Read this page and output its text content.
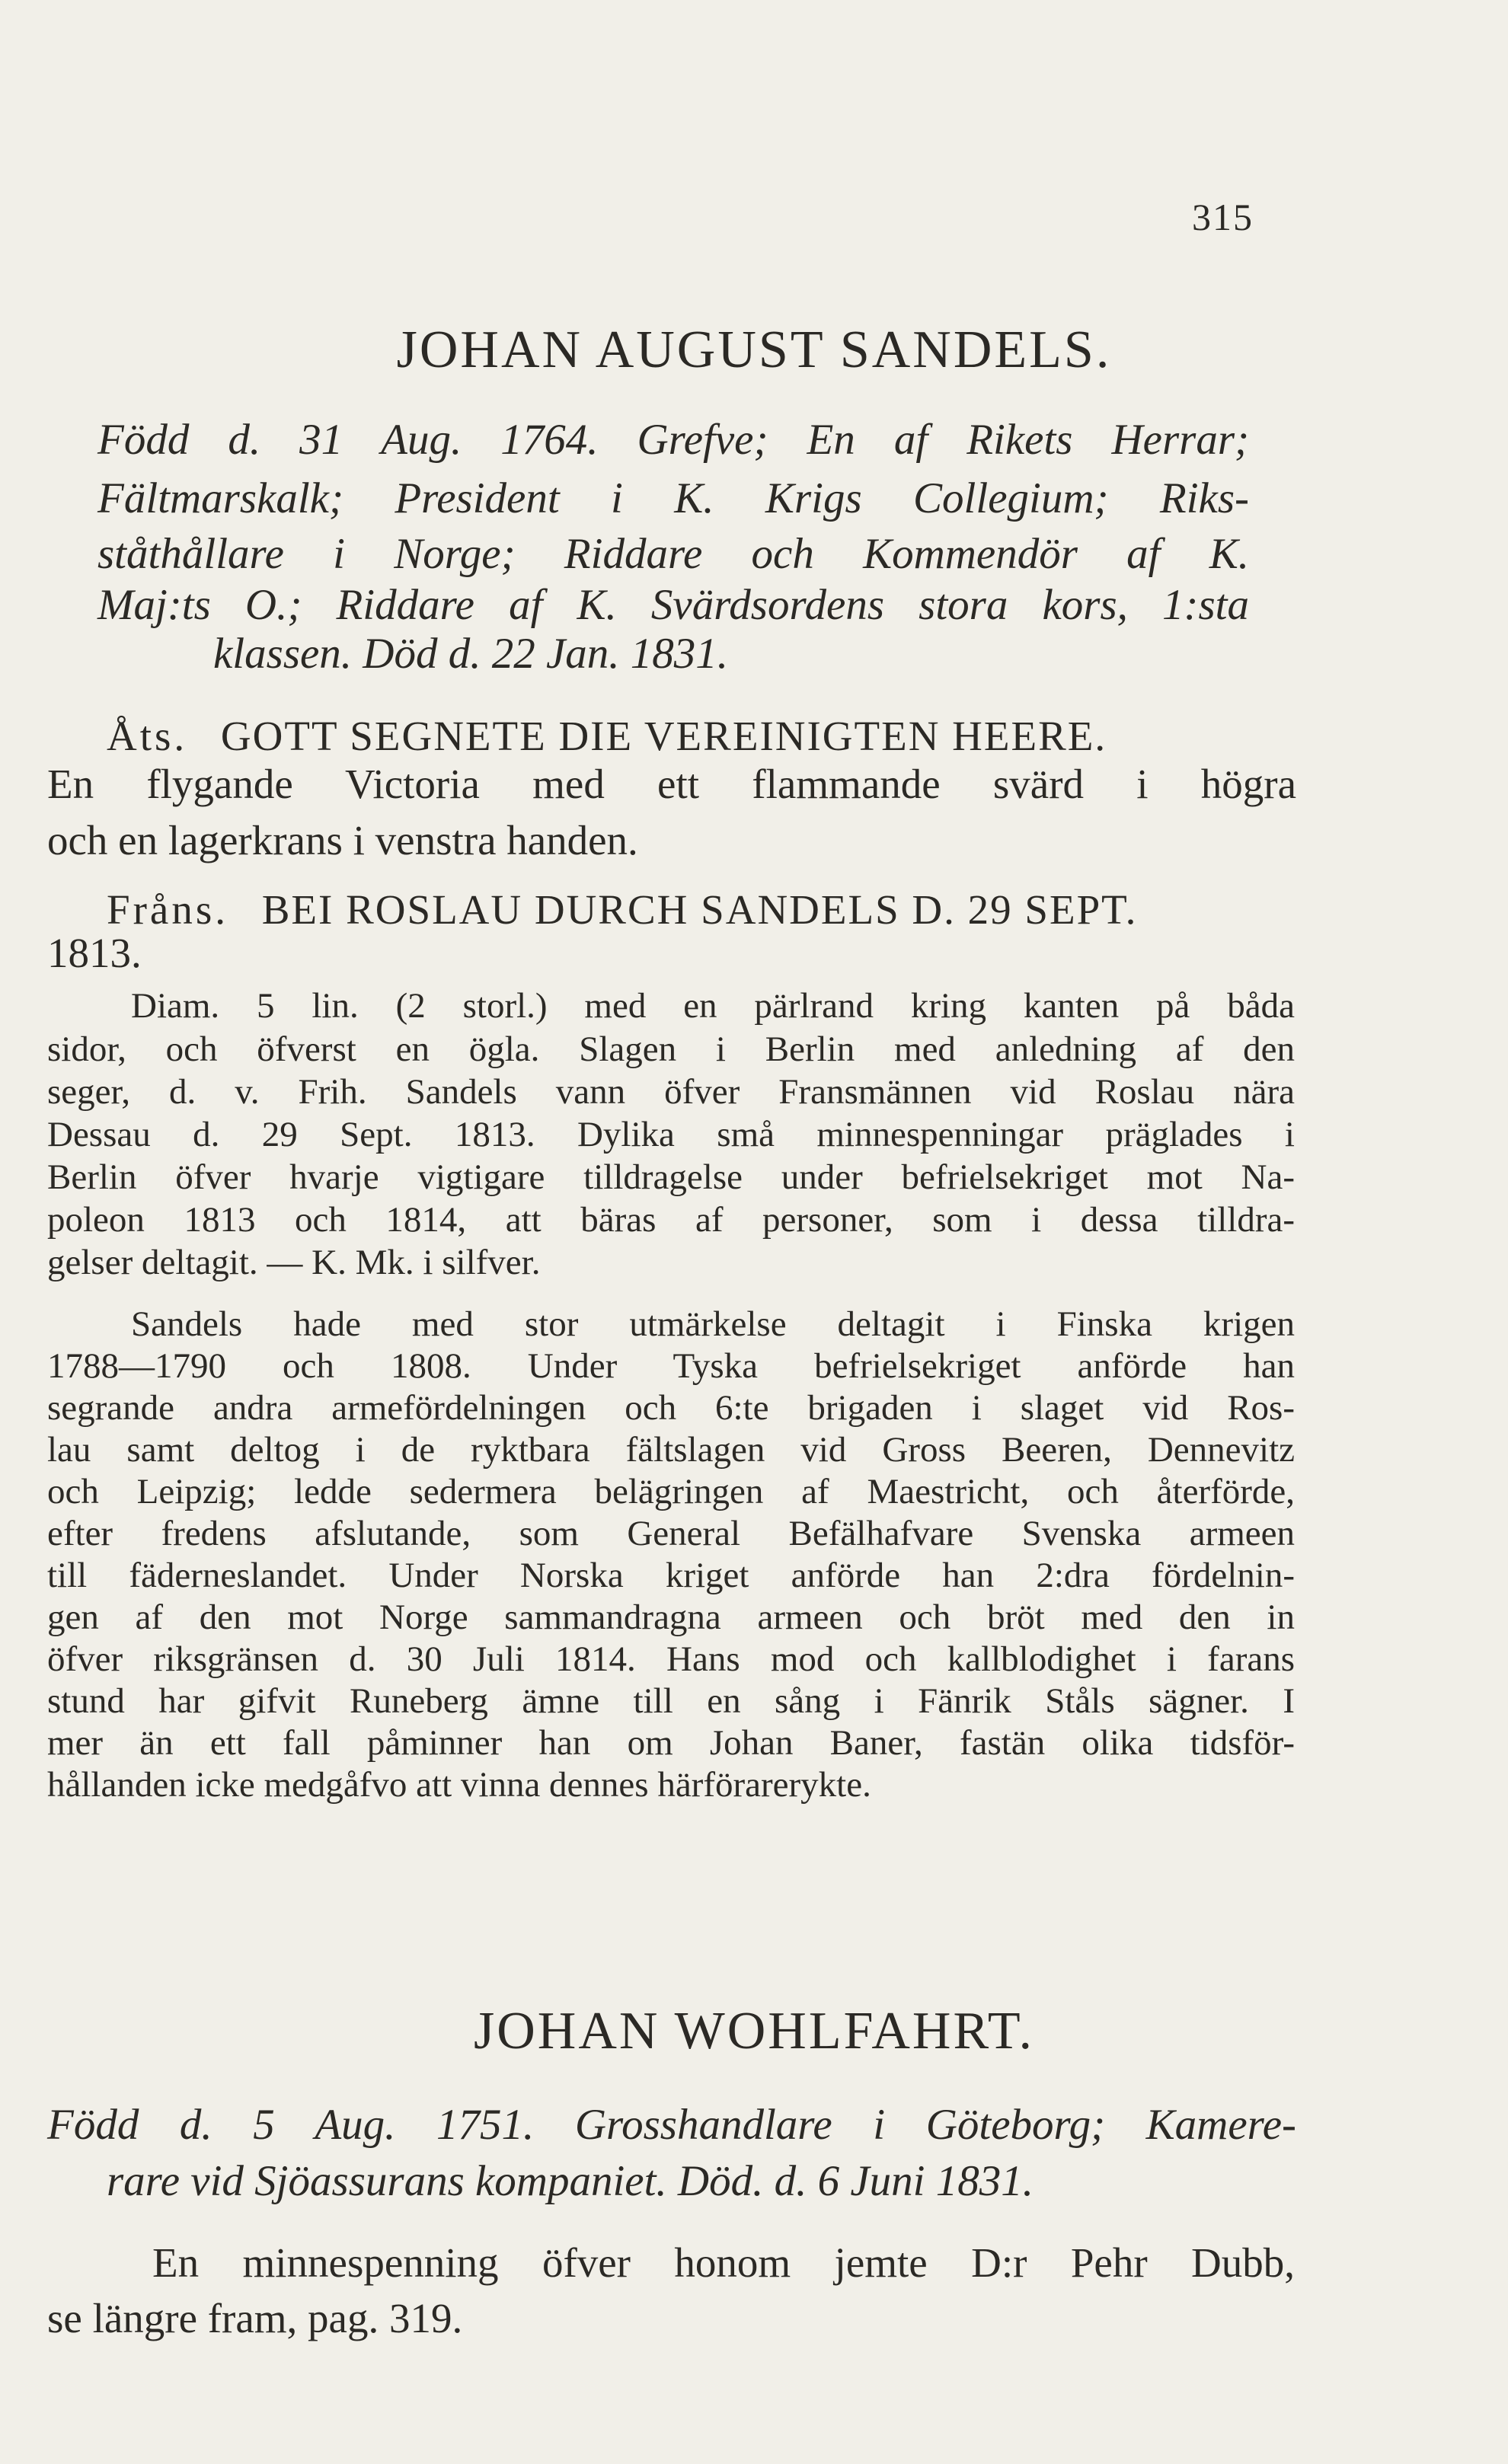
315
JOHAN AUGUST SANDELS.
Född d. 31 Aug. 1764. Grefve; En af Rikets Herrar;
Fältmarskalk; President i K. Krigs Collegium; Riks-
ståthållare i Norge; Riddare och Kommendör af K.
Maj:ts O.; Riddare af K. Svärdsordens stora kors, 1:sta
klassen. Död d. 22 Jan. 1831.
Åts. GOTT SEGNETE DIE VEREINIGTEN HEERE.
En flygande Victoria med ett flammande svärd i högra
och en lagerkrans i venstra handen.
Fråns. BEI ROSLAU DURCH SANDELS D. 29 SEPT.
1813.
Diam. 5 lin. (2 storl.) med en pärlrand kring kanten på båda
sidor, och öfverst en ögla. Slagen i Berlin med anledning af den
seger, d. v. Frih. Sandels vann öfver Fransmännen vid Roslau nära
Dessau d. 29 Sept. 1813. Dylika små minnespenningar präglades i
Berlin öfver hvarje vigtigare tilldragelse under befrielsekriget mot Na-
poleon 1813 och 1814, att bäras af personer, som i dessa tilldra-
gelser deltagit. — K. Mk. i silfver.
Sandels hade med stor utmärkelse deltagit i Finska krigen
1788—1790 och 1808. Under Tyska befrielsekriget anförde han
segrande andra armefördelningen och 6:te brigaden i slaget vid Ros-
lau samt deltog i de ryktbara fältslagen vid Gross Beeren, Dennevitz
och Leipzig; ledde sedermera belägringen af Maestricht, och återförde,
efter fredens afslutande, som General Befälhafvare Svenska armeen
till fäderneslandet. Under Norska kriget anförde han 2:dra fördelnin-
gen af den mot Norge sammandragna armeen och bröt med den in
öfver riksgränsen d. 30 Juli 1814. Hans mod och kallblodighet i farans
stund har gifvit Runeberg ämne till en sång i Fänrik Ståls sägner. I
mer än ett fall påminner han om Johan Baner, fastän olika tidsför-
hållanden icke medgåfvo att vinna dennes härförarerykte.
JOHAN WOHLFAHRT.
Född d. 5 Aug. 1751. Grosshandlare i Göteborg; Kamere-
rare vid Sjöassurans kompaniet. Död. d. 6 Juni 1831.
En minnespenning öfver honom jemte D:r Pehr Dubb,
se längre fram, pag. 319.
